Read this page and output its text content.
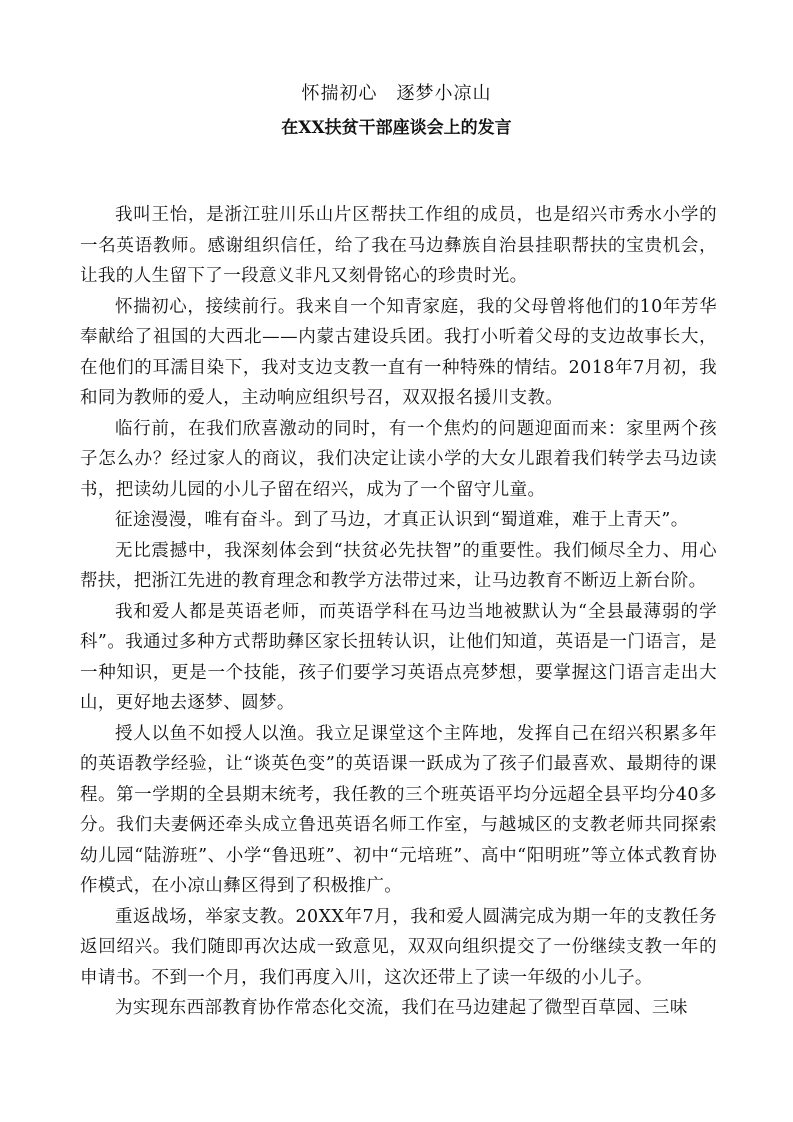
怀揣初心　逐梦小凉山
在XX扶贫干部座谈会上的发言

我叫王怡，是浙江驻川乐山片区帮扶工作组的成员，也是绍兴市秀水小学的一名英语教师。感谢组织信任，给了我在马边彝族自治县挂职帮扶的宝贵机会，让我的人生留下了一段意义非凡又刻骨铭心的珍贵时光。

怀揣初心，接续前行。我来自一个知青家庭，我的父母曾将他们的10年芳华奉献给了祖国的大西北——内蒙古建设兵团。我打小听着父母的支边故事长大，在他们的耳濡目染下，我对支边支教一直有一种特殊的情结。2018年7月初，我和同为教师的爱人，主动响应组织号召，双双报名援川支教。

临行前，在我们欣喜激动的同时，有一个焦灼的问题迎面而来：家里两个孩子怎么办？经过家人的商议，我们决定让读小学的大女儿跟着我们转学去马边读书，把读幼儿园的小儿子留在绍兴，成为了一个留守儿童。

征途漫漫，唯有奋斗。到了马边，才真正认识到“蜀道难，难于上青天”。

无比震撼中，我深刻体会到“扶贫必先扶智”的重要性。我们倾尽全力、用心帮扶，把浙江先进的教育理念和教学方法带过来，让马边教育不断迈上新台阶。

我和爱人都是英语老师，而英语学科在马边当地被默认为“全县最薄弱的学科”。我通过多种方式帮助彝区家长扭转认识，让他们知道，英语是一门语言，是一种知识，更是一个技能，孩子们要学习英语点亮梦想，要掌握这门语言走出大山，更好地去逐梦、圆梦。

授人以鱼不如授人以渔。我立足课堂这个主阵地，发挥自己在绍兴积累多年的英语教学经验，让“谈英色变”的英语课一跃成为了孩子们最喜欢、最期待的课程。第一学期的全县期末统考，我任教的三个班英语平均分远超全县平均分40多分。我们夫妻俩还牵头成立鲁迅英语名师工作室，与越城区的支教老师共同探索幼儿园“陆游班”、小学“鲁迅班”、初中“元培班”、高中“阳明班”等立体式教育协作模式，在小凉山彝区得到了积极推广。

重返战场，举家支教。20XX年7月，我和爱人圆满完成为期一年的支教任务返回绍兴。我们随即再次达成一致意见，双双向组织提交了一份继续支教一年的申请书。不到一个月，我们再度入川，这次还带上了读一年级的小儿子。

为实现东西部教育协作常态化交流，我们在马边建起了微型百草园、三味
